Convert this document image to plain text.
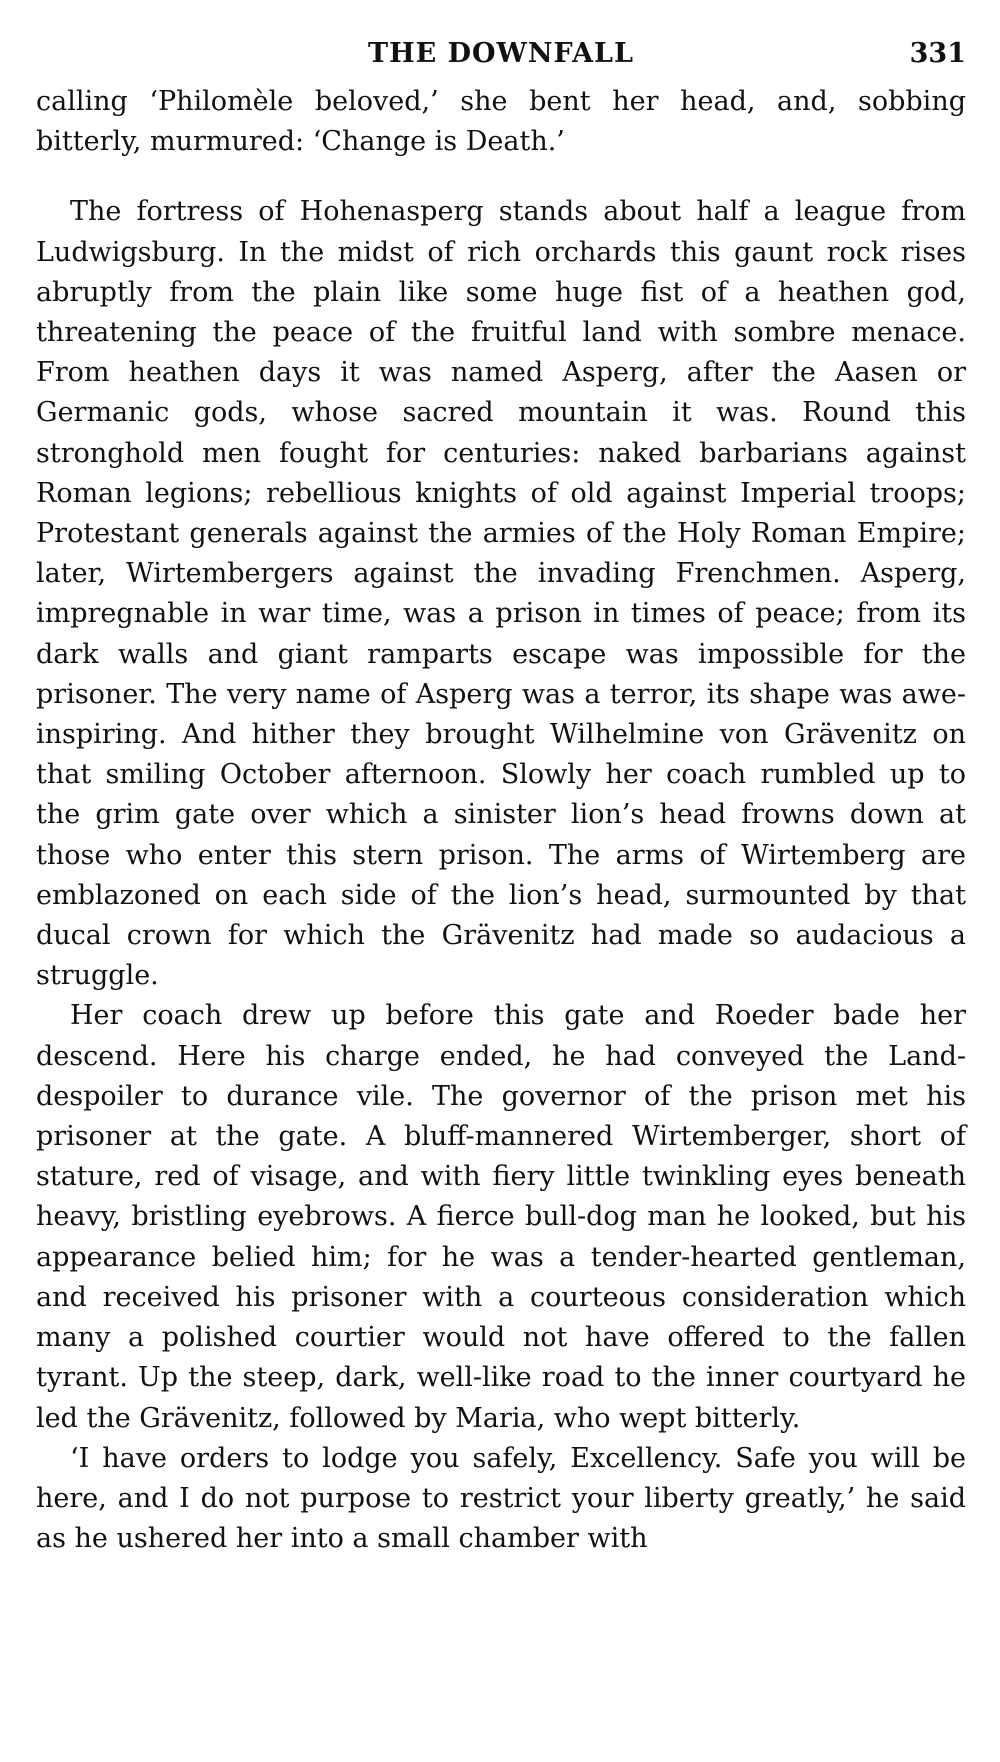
THE DOWNFALL	331

calling ‘Philomèle beloved,’ she bent her head, and, sobbing bitterly, murmured: ‘Change is Death.’

The fortress of Hohenasperg stands about half a league from Ludwigsburg. In the midst of rich orchards this gaunt rock rises abruptly from the plain like some huge fist of a heathen god, threatening the peace of the fruitful land with sombre menace. From heathen days it was named Asperg, after the Aasen or Germanic gods, whose sacred mountain it was. Round this stronghold men fought for centuries: naked barbarians against Roman legions; rebellious knights of old against Imperial troops; Protestant generals against the armies of the Holy Roman Empire; later, Wirtembergers against the invading Frenchmen. Asperg, impregnable in war time, was a prison in times of peace; from its dark walls and giant ramparts escape was impossible for the prisoner. The very name of Asperg was a terror, its shape was awe-inspiring. And hither they brought Wilhelmine von Grävenitz on that smiling October afternoon. Slowly her coach rumbled up to the grim gate over which a sinister lion’s head frowns down at those who enter this stern prison. The arms of Wirtemberg are emblazoned on each side of the lion’s head, surmounted by that ducal crown for which the Grävenitz had made so audacious a struggle.

Her coach drew up before this gate and Roeder bade her descend. Here his charge ended, he had conveyed the Land-despoiler to durance vile. The governor of the prison met his prisoner at the gate. A bluff-mannered Wirtemberger, short of stature, red of visage, and with fiery little twinkling eyes beneath heavy, bristling eyebrows. A fierce bull-dog man he looked, but his appearance belied him; for he was a tender-hearted gentleman, and received his prisoner with a courteous consideration which many a polished courtier would not have offered to the fallen tyrant. Up the steep, dark, well-like road to the inner courtyard he led the Grävenitz, followed by Maria, who wept bitterly.

‘I have orders to lodge you safely, Excellency. Safe you will be here, and I do not purpose to restrict your liberty greatly,’ he said as he ushered her into a small chamber with
